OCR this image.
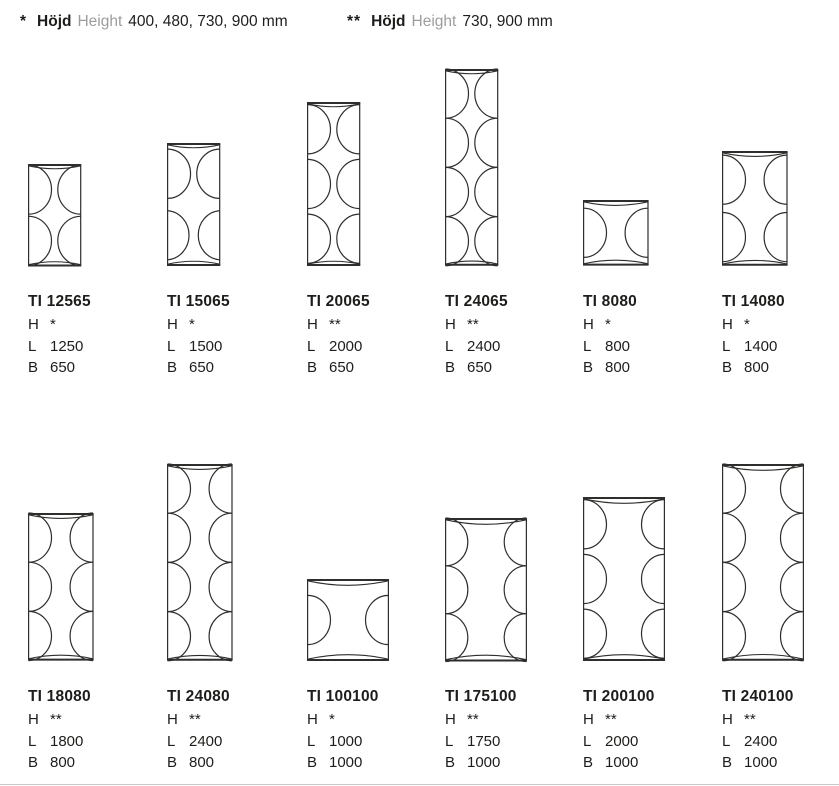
* Höjd Height 400, 480, 730, 900 mm	** Höjd Height 730, 900 mm
TI 12565
H *
L 1250
B 650
TI 15065
H *
L 1500
B 650
TI 20065
H **
L 2000
B 650
TI 24065
H **
L 2400
B 650
TI 8080
H *
L 800
B 800
TI 14080
H *
L 1400
B 800
TI 18080
H **
L 1800
B 800
TI 24080
H **
L 2400
B 800
TI 100100
H *
L 1000
B 1000
TI 175100
H **
L 1750
B 1000
TI 200100
H **
L 2000
B 1000
TI 240100
H **
L 2400
B 1000
